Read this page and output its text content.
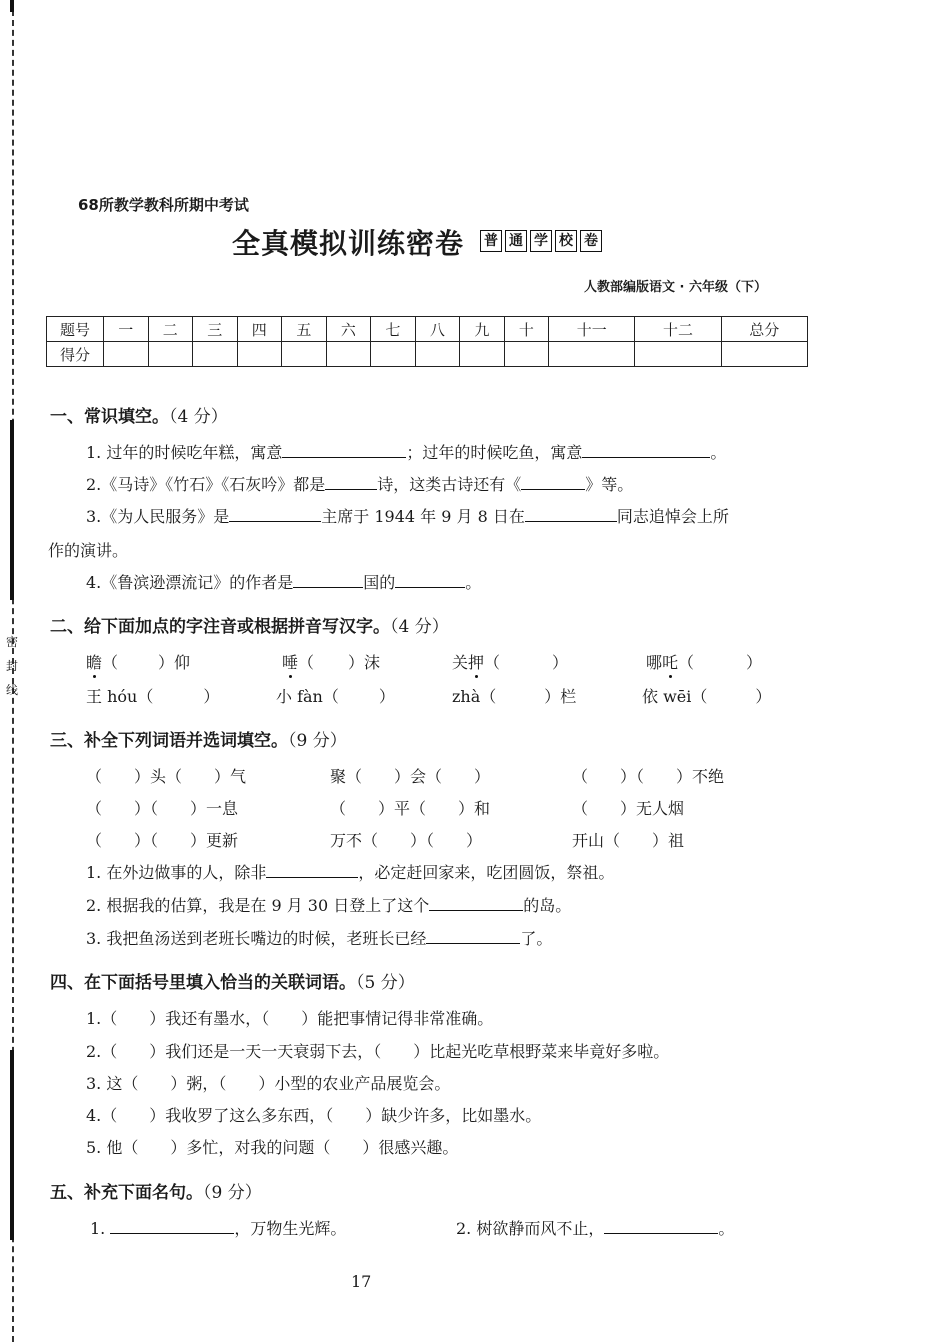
密
封
线
68所教学教科所期中考试
全真模拟训练密卷 普 通 学 校 卷
人教部编版语文 · 六年级（下）
题号	一	二	三	四	五	六	七	八	九	十	十一	十二	总分
得分													
一、常识填空。（4 分）
1. 过年的时候吃年糕，寓意	；过年的时候吃鱼，寓意	。
2.《马诗》《竹石》《石灰吟》都是	诗，这类古诗还有《	》等。
3.《为人民服务》是	主席于 1944 年 9 月 8 日在	同志追悼会上所
作的演讲。
4.《鲁滨逊漂流记》的作者是	国的	。
二、给下面加点的字注音或根据拼音写汉字。（4 分）
瞻（	）仰	唾（ ）沫	关押（	）	哪吒（	）
王 hóu（	）	小 fàn（	）	zhà（	）栏	依 wēi（	）
三、补全下列词语并选词填空。（9 分）
（　　）头（　　）气	聚（　　）会（　　）	（　　）（　　）不绝
（　　）（　　）一息	（　　）平（　　）和	（　　）无人烟
（　　）（　　）更新	万不（　　）（　　）	开山（　　）祖
1. 在外边做事的人，除非	，必定赶回家来，吃团圆饭，祭祖。
2. 根据我的估算，我是在 9 月 30 日登上了这个	的岛。
3. 我把鱼汤送到老班长嘴边的时候，老班长已经	了。
四、在下面括号里填入恰当的关联词语。（5 分）
1.（　　）我还有墨水，（　　）能把事情记得非常准确。
2.（　　）我们还是一天一天衰弱下去，（　　）比起光吃草根野菜来毕竟好多啦。
3. 这（　　）粥，（　　）小型的农业产品展览会。
4.（　　）我收罗了这么多东西，（　　）缺少许多，比如墨水。
5. 他（　　）多忙，对我的问题（　　）很感兴趣。
五、补充下面名句。（9 分）
1.	，万物生光辉。	2. 树欲静而风不止，	。
17
